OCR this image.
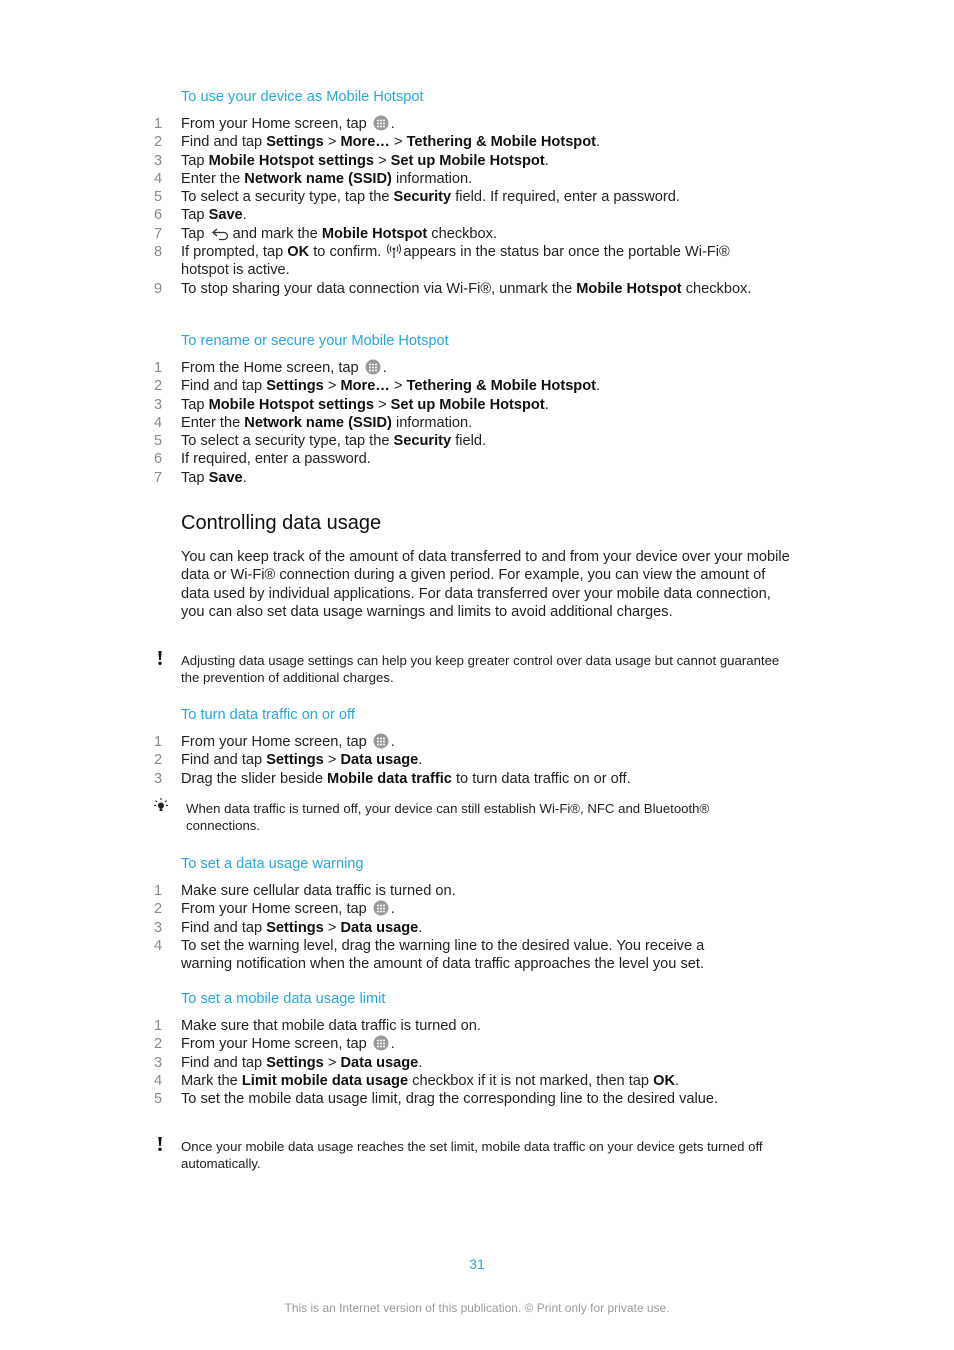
To use your device as Mobile Hotspot
1 From your Home screen, tap .
2 Find and tap Settings > More… > Tethering & Mobile Hotspot.
3 Tap Mobile Hotspot settings > Set up Mobile Hotspot.
4 Enter the Network name (SSID) information.
5 To select a security type, tap the Security field. If required, enter a password.
6 Tap Save.
7 Tap and mark the Mobile Hotspot checkbox.
8 If prompted, tap OK to confirm. appears in the status bar once the portable Wi-Fi® hotspot is active.
9 To stop sharing your data connection via Wi-Fi®, unmark the Mobile Hotspot checkbox.
To rename or secure your Mobile Hotspot
1 From the Home screen, tap .
2 Find and tap Settings > More… > Tethering & Mobile Hotspot.
3 Tap Mobile Hotspot settings > Set up Mobile Hotspot.
4 Enter the Network name (SSID) information.
5 To select a security type, tap the Security field.
6 If required, enter a password.
7 Tap Save.
Controlling data usage

You can keep track of the amount of data transferred to and from your device over your mobile data or Wi-Fi® connection during a given period. For example, you can view the amount of data used by individual applications. For data transferred over your mobile data connection, you can also set data usage warnings and limits to avoid additional charges.

Adjusting data usage settings can help you keep greater control over data usage but cannot guarantee the prevention of additional charges.

To turn data traffic on or off
1 From your Home screen, tap .
2 Find and tap Settings > Data usage.
3 Drag the slider beside Mobile data traffic to turn data traffic on or off.

When data traffic is turned off, your device can still establish Wi-Fi®, NFC and Bluetooth® connections.

To set a data usage warning
1 Make sure cellular data traffic is turned on.
2 From your Home screen, tap .
3 Find and tap Settings > Data usage.
4 To set the warning level, drag the warning line to the desired value. You receive a warning notification when the amount of data traffic approaches the level you set.
To set a mobile data usage limit
1 Make sure that mobile data traffic is turned on.
2 From your Home screen, tap .
3 Find and tap Settings > Data usage.
4 Mark the Limit mobile data usage checkbox if it is not marked, then tap OK.
5 To set the mobile data usage limit, drag the corresponding line to the desired value.

Once your mobile data usage reaches the set limit, mobile data traffic on your device gets turned off automatically.

31
This is an Internet version of this publication. © Print only for private use.
